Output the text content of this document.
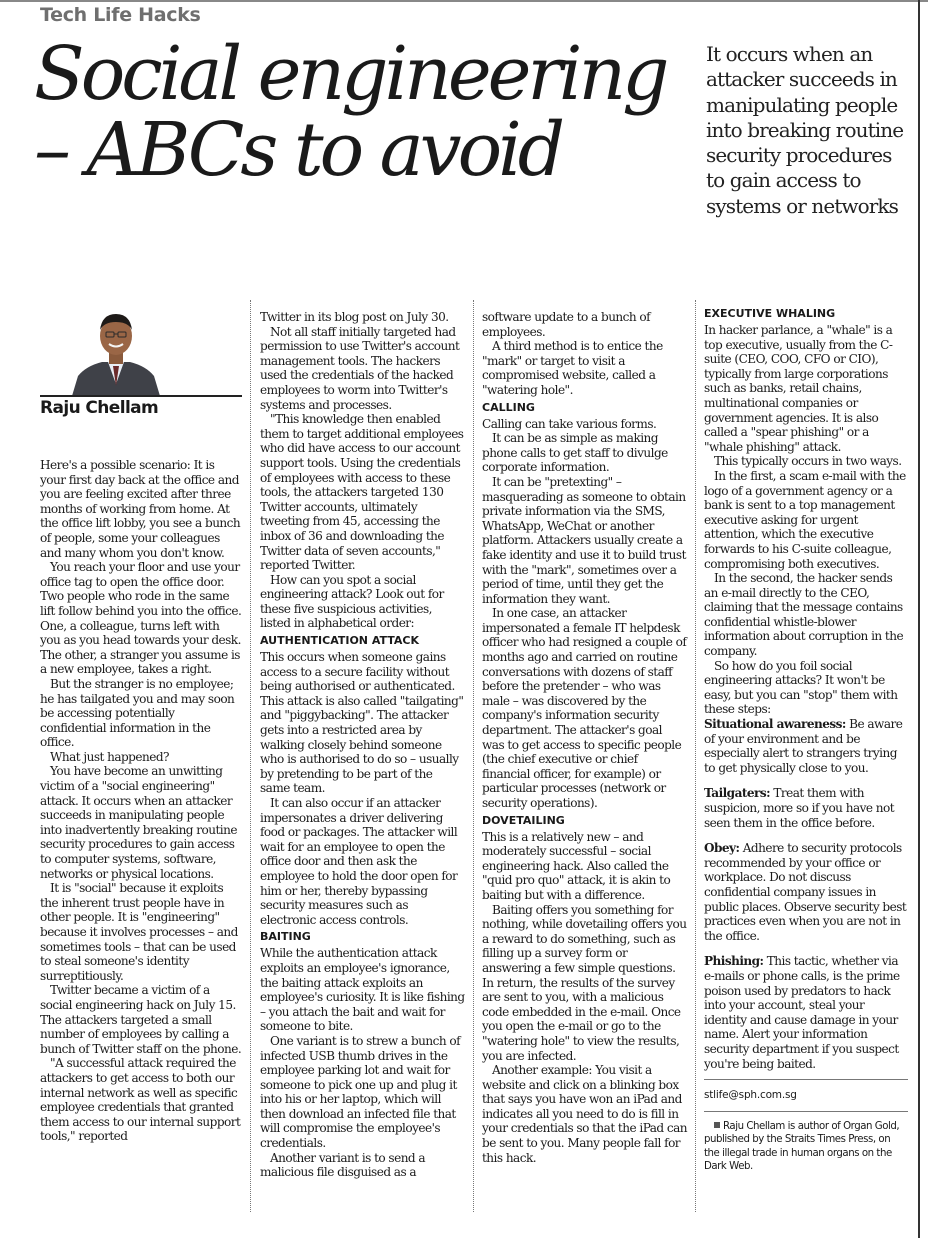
Tech Life Hacks
Social engineering
– ABCs to avoid
It occurs when an attacker succeeds in manipulating people into breaking routine security procedures to gain access to systems or networks
Raju Chellam

Here's a possible scenario: It is your first day back at the office and you are feeling excited after three months of working from home. At the office lift lobby, you see a bunch of people, some your colleagues and many whom you don't know.

You reach your floor and use your office tag to open the office door. Two people who rode in the same lift follow behind you into the office. One, a colleague, turns left with you as you head towards your desk. The other, a stranger you assume is a new employee, takes a right.

But the stranger is no employee; he has tailgated you and may soon be accessing potentially confidential information in the office.

What just happened?

You have become an unwitting victim of a "social engineering" attack. It occurs when an attacker succeeds in manipulating people into inadvertently breaking routine security procedures to gain access to computer systems, software, networks or physical locations.

It is "social" because it exploits the inherent trust people have in other people. It is "engineering" because it involves processes – and sometimes tools – that can be used to steal someone's identity surreptitiously.

Twitter became a victim of a social engineering hack on July 15. The attackers targeted a small number of employees by calling a bunch of Twitter staff on the phone.

"A successful attack required the attackers to get access to both our internal network as well as specific employee credentials that granted them access to our internal support tools," reported

Twitter in its blog post on July 30.

Not all staff initially targeted had permission to use Twitter's account management tools. The hackers used the credentials of the hacked employees to worm into Twitter's systems and processes.

"This knowledge then enabled them to target additional employees who did have access to our account support tools. Using the credentials of employees with access to these tools, the attackers targeted 130 Twitter accounts, ultimately tweeting from 45, accessing the inbox of 36 and downloading the Twitter data of seven accounts," reported Twitter.

How can you spot a social engineering attack? Look out for these five suspicious activities, listed in alphabetical order:

AUTHENTICATION ATTACK

This occurs when someone gains access to a secure facility without being authorised or authenticated. This attack is also called "tailgating" and "piggybacking". The attacker gets into a restricted area by walking closely behind someone who is authorised to do so – usually by pretending to be part of the same team.

It can also occur if an attacker impersonates a driver delivering food or packages. The attacker will wait for an employee to open the office door and then ask the employee to hold the door open for him or her, thereby bypassing security measures such as electronic access controls.

BAITING

While the authentication attack exploits an employee's ignorance, the baiting attack exploits an employee's curiosity. It is like fishing – you attach the bait and wait for someone to bite.

One variant is to strew a bunch of infected USB thumb drives in the employee parking lot and wait for someone to pick one up and plug it into his or her laptop, which will then download an infected file that will compromise the employee's credentials.

Another variant is to send a malicious file disguised as a

software update to a bunch of employees.

A third method is to entice the "mark" or target to visit a compromised website, called a "watering hole".

CALLING

Calling can take various forms.

It can be as simple as making phone calls to get staff to divulge corporate information.

It can be "pretexting" – masquerading as someone to obtain private information via the SMS, WhatsApp, WeChat or another platform. Attackers usually create a fake identity and use it to build trust with the "mark", sometimes over a period of time, until they get the information they want.

In one case, an attacker impersonated a female IT helpdesk officer who had resigned a couple of months ago and carried on routine conversations with dozens of staff before the pretender – who was male – was discovered by the company's information security department. The attacker's goal was to get access to specific people (the chief executive or chief financial officer, for example) or particular processes (network or security operations).

DOVETAILING

This is a relatively new – and moderately successful – social engineering hack. Also called the "quid pro quo" attack, it is akin to baiting but with a difference.

Baiting offers you something for nothing, while dovetailing offers you a reward to do something, such as filling up a survey form or answering a few simple questions. In return, the results of the survey are sent to you, with a malicious code embedded in the e-mail. Once you open the e-mail or go to the "watering hole" to view the results, you are infected.

Another example: You visit a website and click on a blinking box that says you have won an iPad and indicates all you need to do is fill in your credentials so that the iPad can be sent to you. Many people fall for this hack.

EXECUTIVE WHALING

In hacker parlance, a "whale" is a top executive, usually from the C-suite (CEO, COO, CFO or CIO), typically from large corporations such as banks, retail chains, multinational companies or government agencies. It is also called a "spear phishing" or a "whale phishing" attack.

This typically occurs in two ways.

In the first, a scam e-mail with the logo of a government agency or a bank is sent to a top management executive asking for urgent attention, which the executive forwards to his C-suite colleague, compromising both executives.

In the second, the hacker sends an e-mail directly to the CEO, claiming that the message contains confidential whistle-blower information about corruption in the company.

So how do you foil social engineering attacks? It won't be easy, but you can "stop" them with these steps:

Situational awareness: Be aware of your environment and be especially alert to strangers trying to get physically close to you.

Tailgaters: Treat them with suspicion, more so if you have not seen them in the office before.

Obey: Adhere to security protocols recommended by your office or workplace. Do not discuss confidential company issues in public places. Observe security best practices even when you are not in the office.

Phishing: This tactic, whether via e-mails or phone calls, is the prime poison used by predators to hack into your account, steal your identity and cause damage in your name. Alert your information security department if you suspect you're being baited.

stlife@sph.com.sg

Raju Chellam is author of Organ Gold, published by the Straits Times Press, on the illegal trade in human organs on the Dark Web.
